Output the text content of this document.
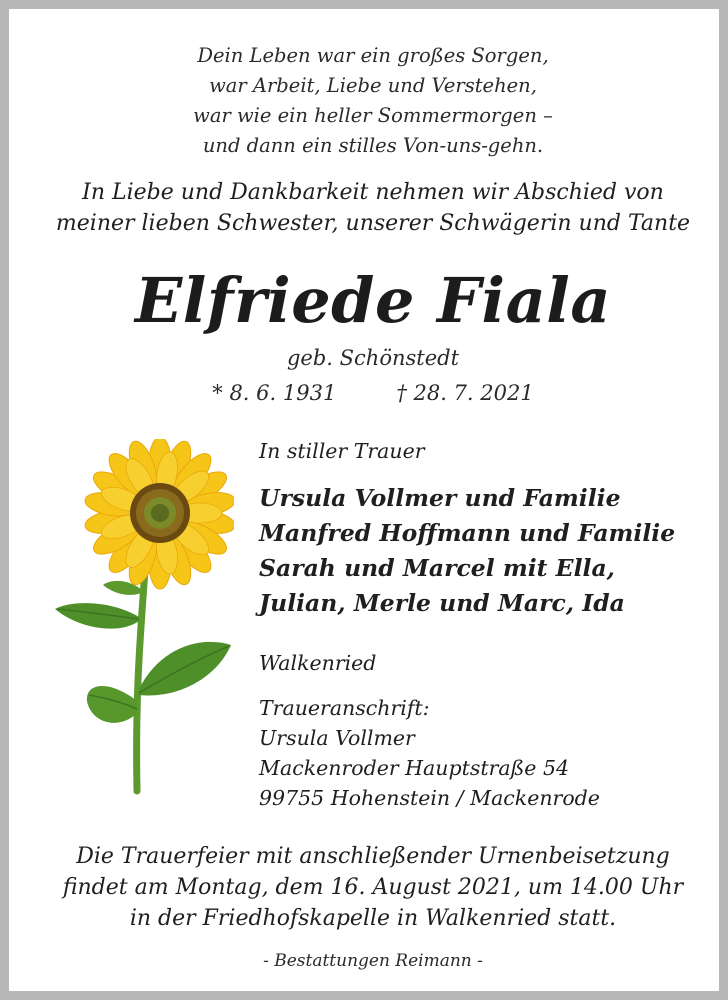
Dein Leben war ein großes Sorgen,
war Arbeit, Liebe und Verstehen,
war wie ein heller Sommermorgen –
und dann ein stilles Von-uns-gehn.
In Liebe und Dankbarkeit nehmen wir Abschied von
meiner lieben Schwester, unserer Schwägerin und Tante
Elfriede Fiala
geb. Schönstedt
* 8. 6. 1931	† 28. 7. 2021
In stiller Trauer
Ursula Vollmer und Familie
Manfred Hoffmann und Familie
Sarah und Marcel mit Ella,
Julian, Merle und Marc, Ida
Walkenried
Traueranschrift:
Ursula Vollmer
Mackenroder Hauptstraße 54
99755 Hohenstein / Mackenrode
Die Trauerfeier mit anschließender Urnenbeisetzung
findet am Montag, dem 16. August 2021, um 14.00 Uhr
in der Friedhofskapelle in Walkenried statt.
- Bestattungen Reimann -
